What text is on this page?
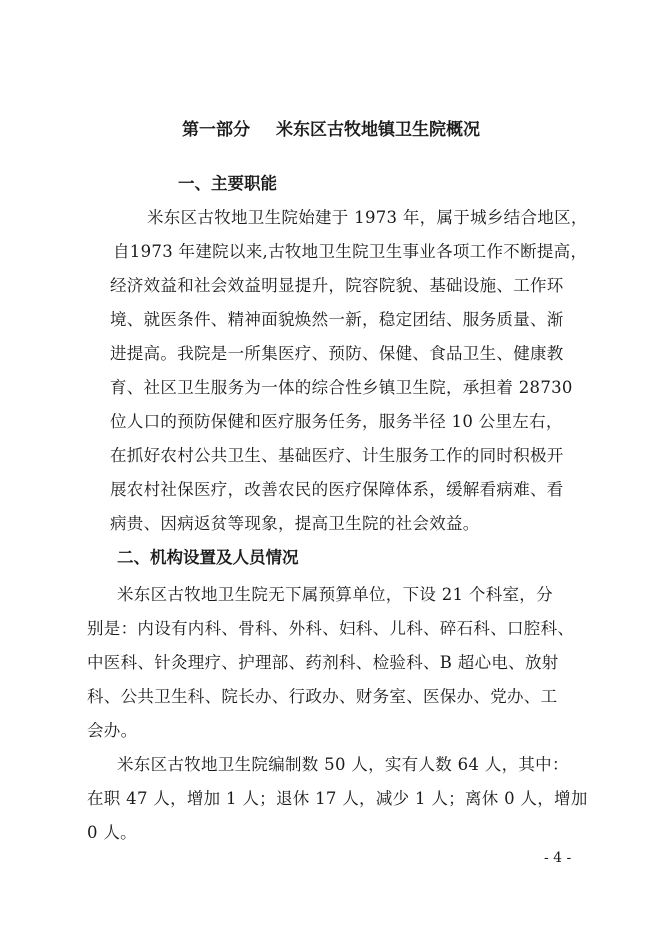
第一部分 米东区古牧地镇卫生院概况
一、主要职能
米东区古牧地卫生院始建于 1973 年，属于城乡结合地区，
自1973 年建院以来,古牧地卫生院卫生事业各项工作不断提高，
经济效益和社会效益明显提升，院容院貌、基础设施、工作环
境、就医条件、精神面貌焕然一新，稳定团结、服务质量、渐
进提高。我院是一所集医疗、预防、保健、食品卫生、健康教
育、社区卫生服务为一体的综合性乡镇卫生院，承担着 28730
位人口的预防保健和医疗服务任务，服务半径 10 公里左右，
在抓好农村公共卫生、基础医疗、计生服务工作的同时积极开
展农村社保医疗，改善农民的医疗保障体系，缓解看病难、看
病贵、因病返贫等现象，提高卫生院的社会效益。
二、机构设置及人员情况
米东区古牧地卫生院无下属预算单位，下设 21 个科室，分
别是：内设有内科、骨科、外科、妇科、儿科、碎石科、口腔科、
中医科、针灸理疗、护理部、药剂科、检验科、B 超心电、放射
科、公共卫生科、院长办、行政办、财务室、医保办、党办、工
会办。
米东区古牧地卫生院编制数 50 人，实有人数 64 人，其中：
在职 47 人，增加 1 人；退休 17 人，减少 1 人；离休 0 人，增加
0 人。
- 4 -
